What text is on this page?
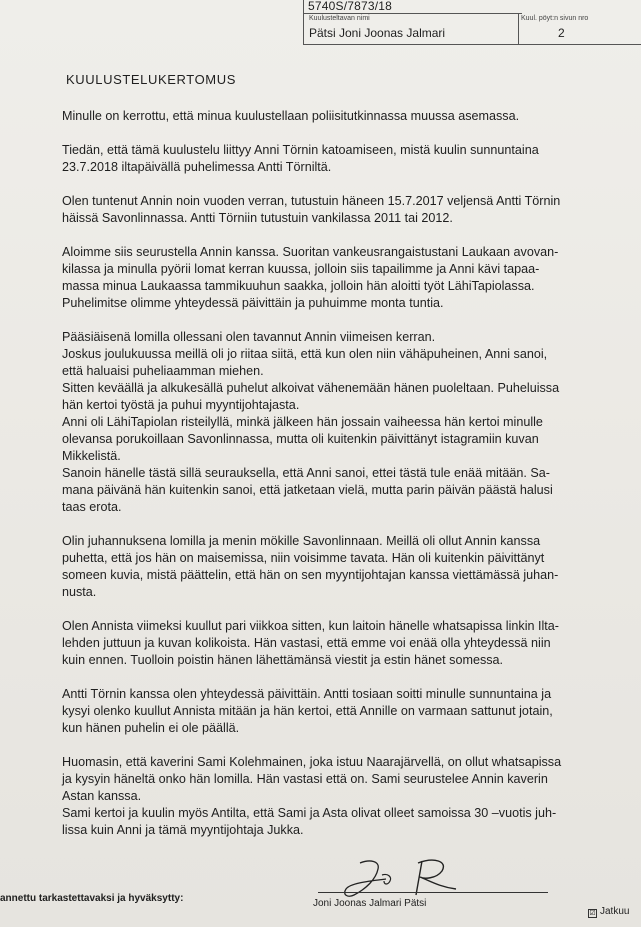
5740S/7873/18
Kuulusteltavan nimi
Pätsi Joni Joonas Jalmari
Kuul. pöyt:n sivun nro
2
KUULUSTELUKERTOMUS

Minulle on kerrottu, että minua kuulustellaan poliisitutkinnassa muussa asemassa.

Tiedän, että tämä kuulustelu liittyy Anni Törnin katoamiseen, mistä kuulin sunnuntaina
23.7.2018 iltapäivällä puhelimessa Antti Törniltä.

Olen tuntenut Annin noin vuoden verran, tutustuin häneen 15.7.2017 veljensä Antti Törnin
häissä Savonlinnassa. Antti Törniin tutustuin vankilassa 2011 tai 2012.

Aloimme siis seurustella Annin kanssa. Suoritan vankeusrangaistustani Laukaan avovan-
kilassa ja minulla pyörii lomat kerran kuussa, jolloin siis tapailimme ja Anni kävi tapaa-
massa minua Laukaassa tammikuuhun saakka, jolloin hän aloitti työt LähiTapiolassa.
Puhelimitse olimme yhteydessä päivittäin ja puhuimme monta tuntia.

Pääsiäisenä lomilla ollessani olen tavannut Annin viimeisen kerran.
Joskus joulukuussa meillä oli jo riitaa siitä, että kun olen niin vähäpuheinen, Anni sanoi,
että haluaisi puheliaamman miehen.
Sitten keväällä ja alkukesällä puhelut alkoivat vähenemään hänen puoleltaan. Puheluissa
hän kertoi työstä ja puhui myyntijohtajasta.
Anni oli LähiTapiolan risteilyllä, minkä jälkeen hän jossain vaiheessa hän kertoi minulle
olevansa porukoillaan Savonlinnassa, mutta oli kuitenkin päivittänyt istagramiin kuvan
Mikkelistä.
Sanoin hänelle tästä sillä seurauksella, että Anni sanoi, ettei tästä tule enää mitään. Sa-
mana päivänä hän kuitenkin sanoi, että jatketaan vielä, mutta parin päivän päästä halusi
taas erota.

Olin juhannuksena lomilla ja menin mökille Savonlinnaan. Meillä oli ollut Annin kanssa
puhetta, että jos hän on maisemissa, niin voisimme tavata. Hän oli kuitenkin päivittänyt
someen kuvia, mistä päättelin, että hän on sen myyntijohtajan kanssa viettämässä juhan-
nusta.

Olen Annista viimeksi kuullut pari viikkoa sitten, kun laitoin hänelle whatsapissa linkin Ilta-
lehden juttuun ja kuvan kolikoista. Hän vastasi, että emme voi enää olla yhteydessä niin
kuin ennen. Tuolloin poistin hänen lähettämänsä viestit ja estin hänet somessa.

Antti Törnin kanssa olen yhteydessä päivittäin. Antti tosiaan soitti minulle sunnuntaina ja
kysyi olenko kuullut Annista mitään ja hän kertoi, että Annille on varmaan sattunut jotain,
kun hänen puhelin ei ole päällä.

Huomasin, että kaverini Sami Kolehmainen, joka istuu Naarajärvellä, on ollut whatsapissa
ja kysyin häneltä onko hän lomilla. Hän vastasi että on. Sami seurustelee Annin kaverin
Astan kanssa.
Sami kertoi ja kuulin myös Antilta, että Sami ja Asta olivat olleet samoissa 30 –vuotis juh-
lissa kuin Anni ja tämä myyntijohtaja Jukka.

annettu tarkastettavaksi ja hyväksytty:	Joni Joonas Jalmari Pätsi
☑ Jatkuu
